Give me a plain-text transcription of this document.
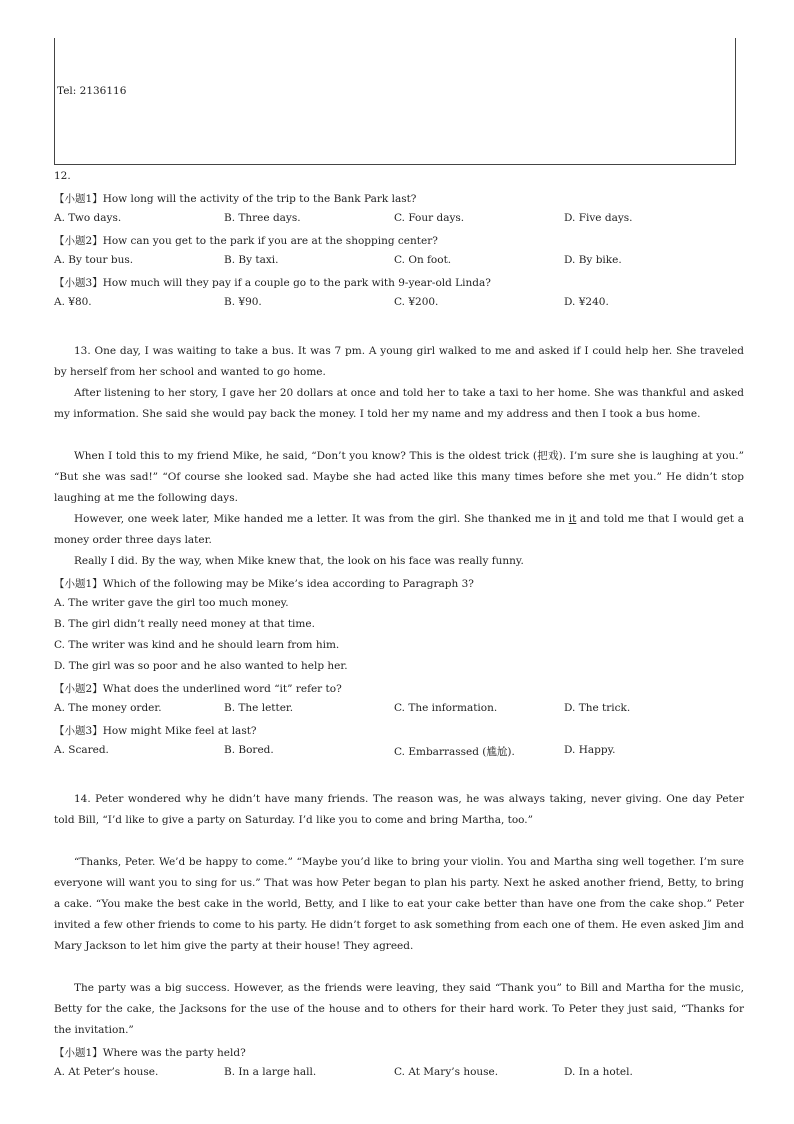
Tel: 2136116
12.
【小题1】How long will the activity of the trip to the Bank Park last?
A. Two days.	B. Three days.	C. Four days.	D. Five days.
【小题2】How can you get to the park if you are at the shopping center?
A. By tour bus.	B. By taxi.	C. On foot.	D. By bike.
【小题3】How much will they pay if a couple go to the park with 9-year-old Linda?
A. ¥80.	B. ¥90.	C. ¥200.	D. ¥240.
13. One day, I was waiting to take a bus. It was 7 pm. A young girl walked to me and asked if I could help her. She traveled by herself from her school and wanted to go home.
After listening to her story, I gave her 20 dollars at once and told her to take a taxi to her home. She was thankful and asked my information. She said she would pay back the money. I told her my name and my address and then I took a bus home.
When I told this to my friend Mike, he said, “Don’t you know? This is the oldest trick (把戏). I’m sure she is laughing at you.” “But she was sad!” “Of course she looked sad. Maybe she had acted like this many times before she met you.” He didn’t stop laughing at me the following days.
However, one week later, Mike handed me a letter. It was from the girl. She thanked me in it and told me that I would get a money order three days later.
Really I did. By the way, when Mike knew that, the look on his face was really funny.
【小题1】Which of the following may be Mike’s idea according to Paragraph 3?
A. The writer gave the girl too much money.
B. The girl didn’t really need money at that time.
C. The writer was kind and he should learn from him.
D. The girl was so poor and he also wanted to help her.
【小题2】What does the underlined word “it” refer to?
A. The money order.	B. The letter.	C. The information.	D. The trick.
【小题3】How might Mike feel at last?
A. Scared.	B. Bored.	C. Embarrassed (尴尬).	D. Happy.
14. Peter wondered why he didn’t have many friends. The reason was, he was always taking, never giving. One day Peter told Bill, “I’d like to give a party on Saturday. I’d like you to come and bring Martha, too.”
“Thanks, Peter. We’d be happy to come.” “Maybe you’d like to bring your violin. You and Martha sing well together. I’m sure everyone will want you to sing for us.” That was how Peter began to plan his party. Next he asked another friend, Betty, to bring a cake. “You make the best cake in the world, Betty, and I like to eat your cake better than have one from the cake shop.” Peter invited a few other friends to come to his party. He didn’t forget to ask something from each one of them. He even asked Jim and Mary Jackson to let him give the party at their house! They agreed.
The party was a big success. However, as the friends were leaving, they said “Thank you” to Bill and Martha for the music, Betty for the cake, the Jacksons for the use of the house and to others for their hard work. To Peter they just said, “Thanks for the invitation.”
【小题1】Where was the party held?
A. At Peter’s house.	B. In a large hall.	C. At Mary’s house.	D. In a hotel.
